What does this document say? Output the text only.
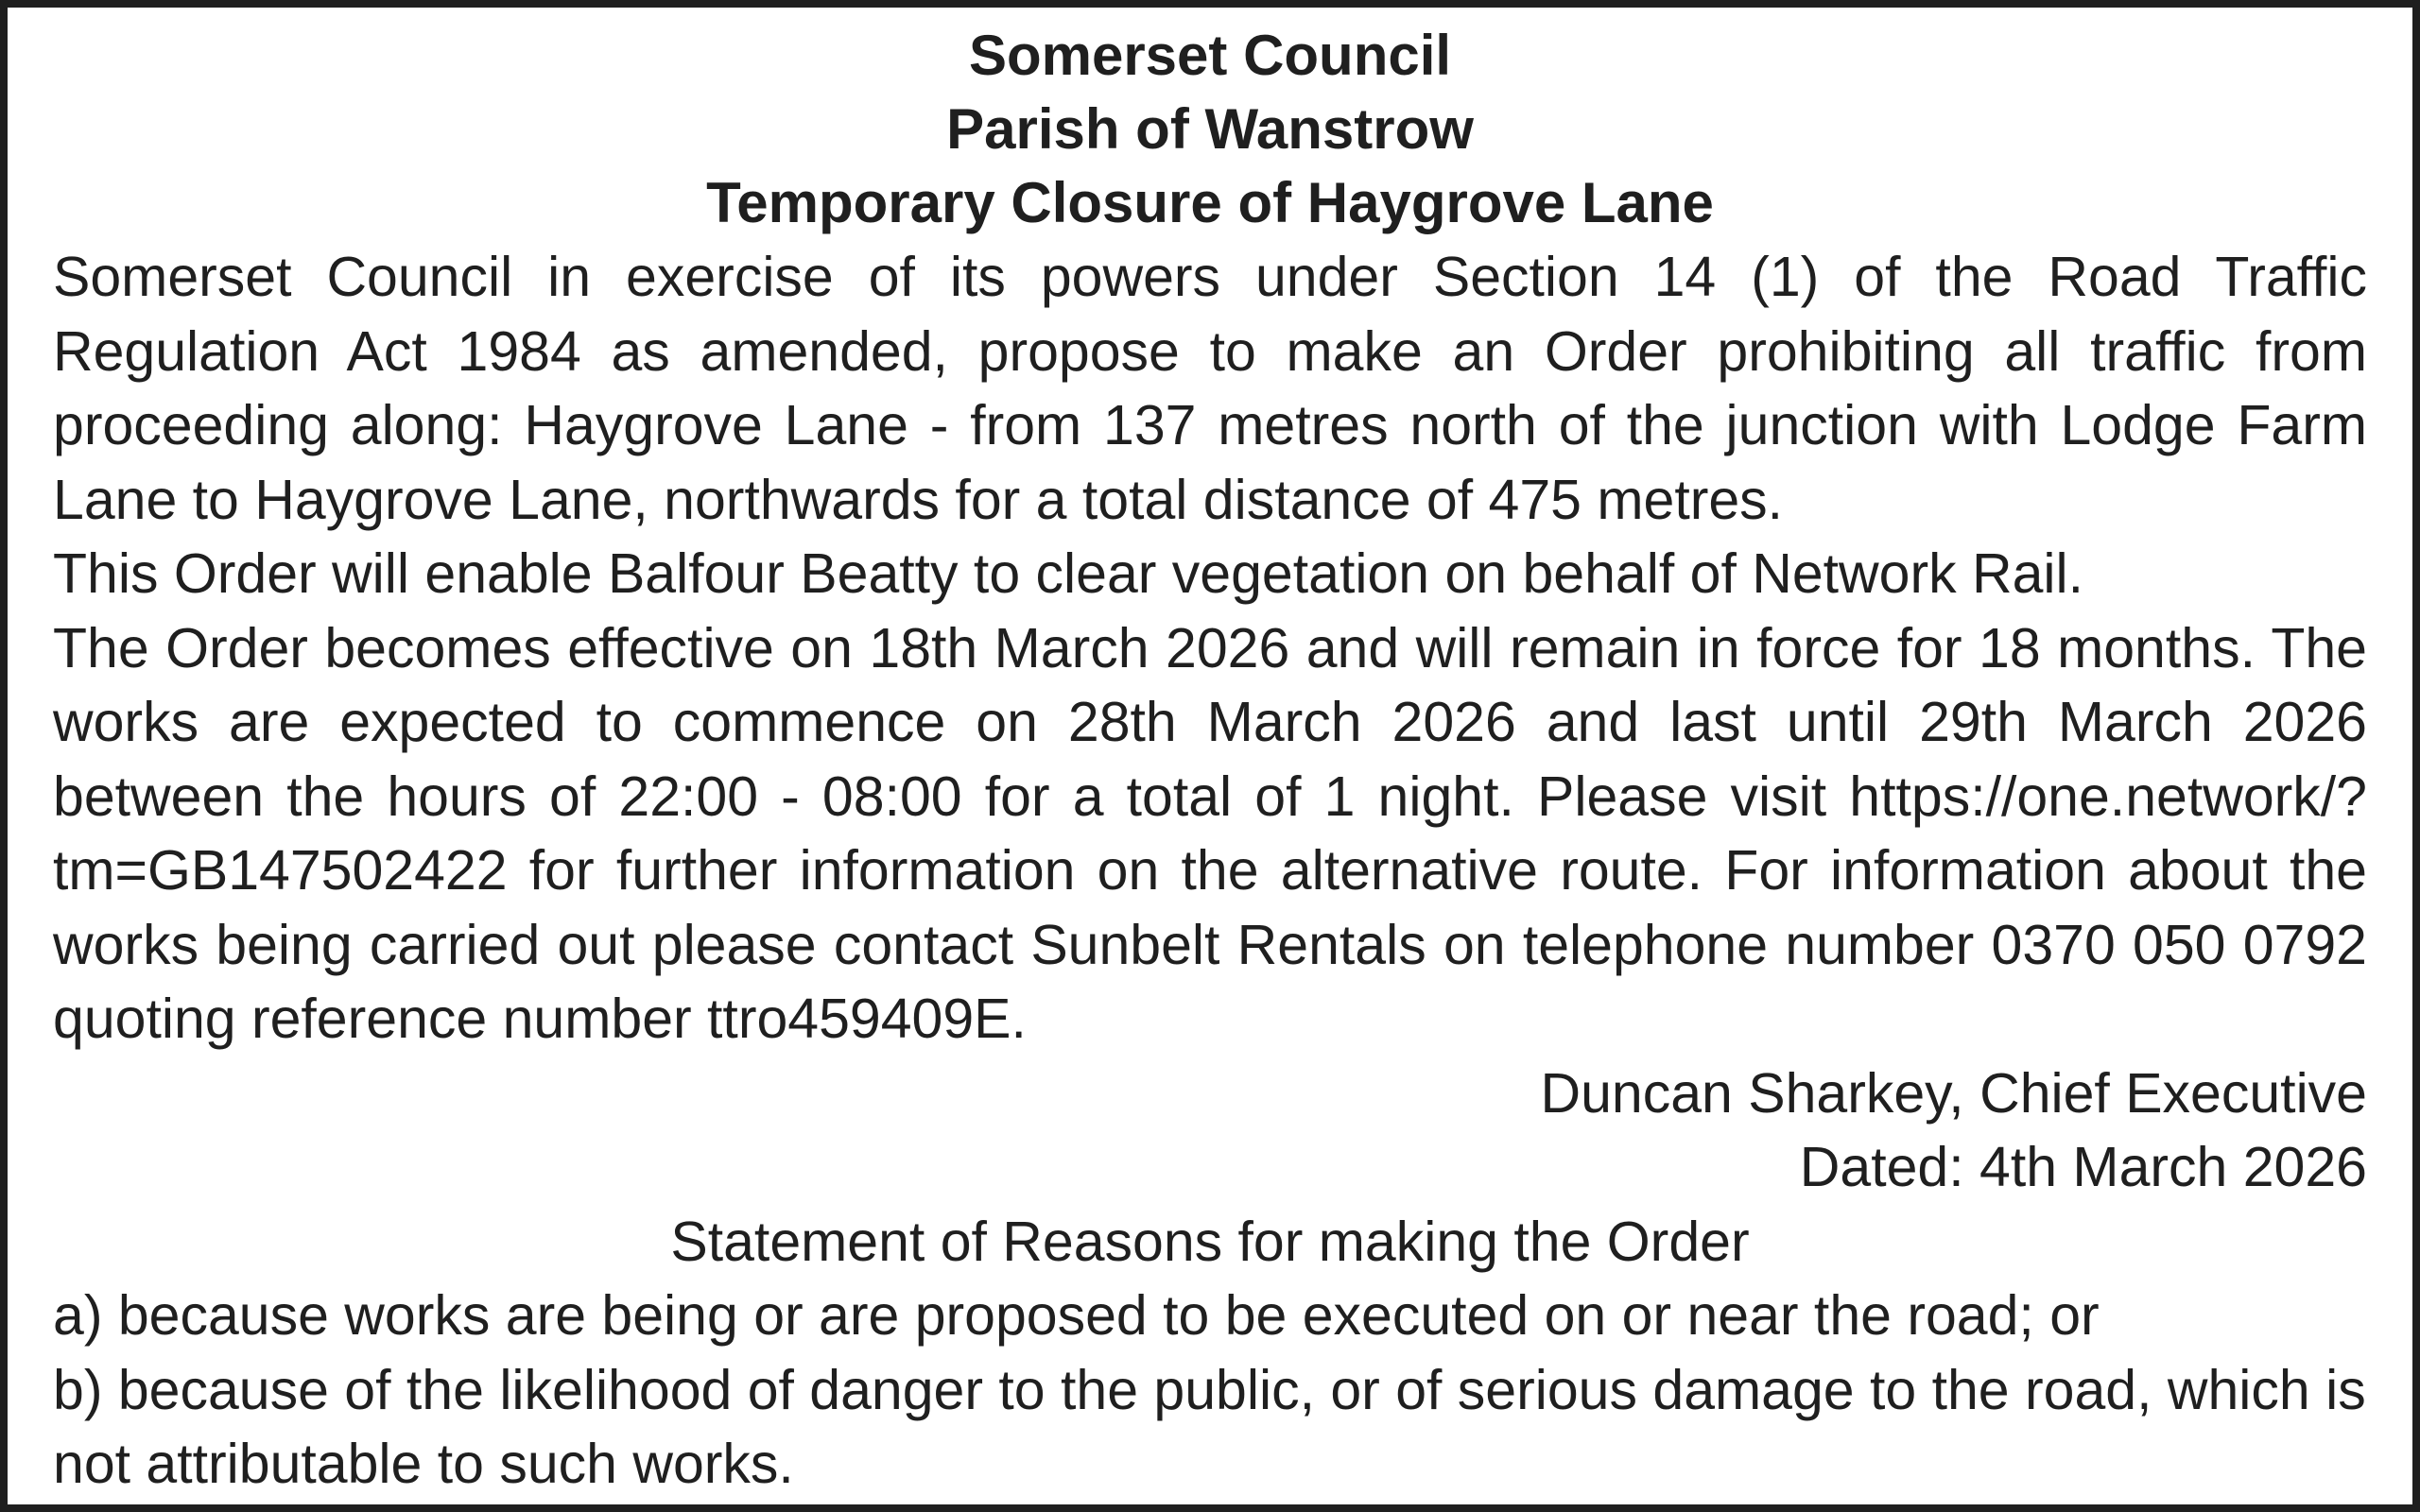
Somerset Council
Parish of Wanstrow
Temporary Closure of Haygrove Lane

Somerset Council in exercise of its powers under Section 14 (1) of the Road Traffic Regulation Act 1984 as amended, propose to make an Order prohibiting all traffic from proceeding along: Haygrove Lane - from 137 metres north of the junction with Lodge Farm Lane to Haygrove Lane, northwards for a total distance of 475 metres.

This Order will enable Balfour Beatty to clear vegetation on behalf of Network Rail.

The Order becomes effective on 18th March 2026 and will remain in force for 18 months. The works are expected to commence on 28th March 2026 and last until 29th March 2026 between the hours of 22:00 - 08:00 for a total of 1 night. Please visit https://one.network/?tm=GB147502422 for further information on the alternative route. For information about the works being carried out please contact Sunbelt Rentals on telephone number 0370 050 0792 quoting reference number ttro459409E.

Duncan Sharkey, Chief Executive
Dated: 4th March 2026
Statement of Reasons for making the Order

a) because works are being or are proposed to be executed on or near the road; or

b) because of the likelihood of danger to the public, or of serious damage to the road, which is not attributable to such works.
